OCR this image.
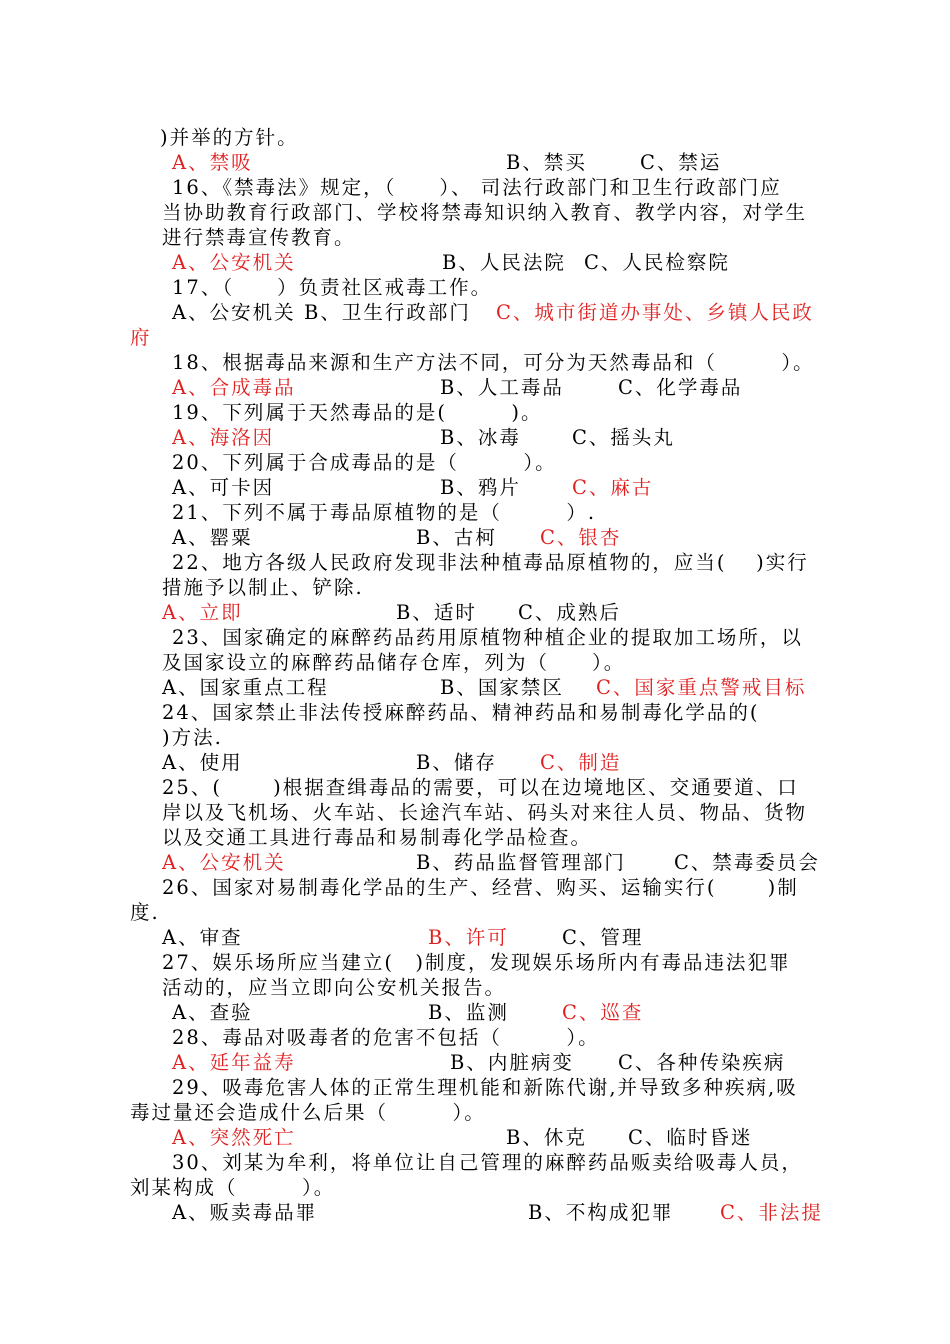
)并举的方针。
A、禁吸	B、禁买	C、禁运
16、《禁毒法》规定，（　　）、 司法行政部门和卫生行政部门应
当协助教育行政部门、学校将禁毒知识纳入教育、教学内容，对学生
进行禁毒宣传教育。
A、公安机关	B、人民法院 C、人民检察院
17、（　　）负责社区戒毒工作。
A、公安机关 B、卫生行政部门 C、城市街道办事处、乡镇人民政
府
18、根据毒品来源和生产方法不同，可分为天然毒品和（　　　）。
A、合成毒品	B、人工毒品	C、化学毒品
19、下列属于天然毒品的是(　　　)。
A、海洛因	B、冰毒	C、摇头丸
20、下列属于合成毒品的是（　　　）。
A、可卡因	B、鸦片	C、麻古
21、下列不属于毒品原植物的是（　　　）.
A、罂粟	B、古柯 C、银杏
22、地方各级人民政府发现非法种植毒品原植物的，应当(　 )实行
措施予以制止、铲除.
A、立即	B、适时 C、成熟后
23、国家确定的麻醉药品药用原植物种植企业的提取加工场所，以
及国家设立的麻醉药品储存仓库，列为（　　）。
A、国家重点工程	B、国家禁区 C、国家重点警戒目标
24、国家禁止非法传授麻醉药品、精神药品和易制毒化学品的(
)方法.
A、使用	B、储存 C、制造
25、(　　 )根据查缉毒品的需要，可以在边境地区、交通要道、口
岸以及飞机场、火车站、长途汽车站、码头对来往人员、物品、货物
以及交通工具进行毒品和易制毒化学品检查。
A、公安机关	B、药品监督管理部门 C、禁毒委员会
26、国家对易制毒化学品的生产、经营、购买、运输实行(　　 )制
度.
A、审查	B、许可	C、管理
27、娱乐场所应当建立(　)制度，发现娱乐场所内有毒品违法犯罪
活动的，应当立即向公安机关报告。
A、查验	B、监测	C、巡查
28、毒品对吸毒者的危害不包括（　　　）。
A、延年益寿	B、内脏病变 C、各种传染疾病
29、吸毒危害人体的正常生理机能和新陈代谢,并导致多种疾病,吸
毒过量还会造成什么后果（　　　）。
A、突然死亡	B、休克 C、临时昏迷
30、刘某为牟利，将单位让自己管理的麻醉药品贩卖给吸毒人员，
刘某构成（　　　）。
A、贩卖毒品罪	B、不构成犯罪 C、非法提
